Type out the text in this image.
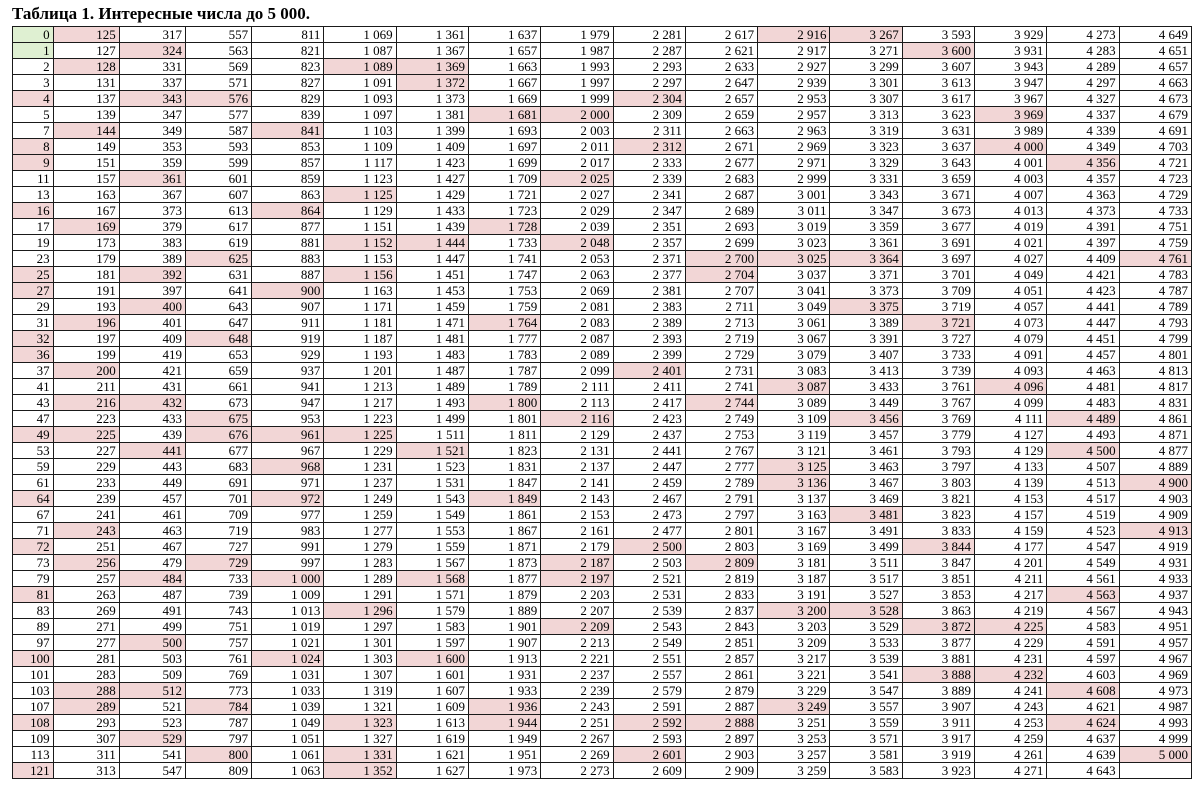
Таблица 1. Интересные числа до 5 000.
0	125	317	557	811	1 069	1 361	1 637	1 979	2 281	2 617	2 916	3 267	3 593	3 929	4 273	4 649
1	127	324	563	821	1 087	1 367	1 657	1 987	2 287	2 621	2 917	3 271	3 600	3 931	4 283	4 651
2	128	331	569	823	1 089	1 369	1 663	1 993	2 293	2 633	2 927	3 299	3 607	3 943	4 289	4 657
3	131	337	571	827	1 091	1 372	1 667	1 997	2 297	2 647	2 939	3 301	3 613	3 947	4 297	4 663
4	137	343	576	829	1 093	1 373	1 669	1 999	2 304	2 657	2 953	3 307	3 617	3 967	4 327	4 673
5	139	347	577	839	1 097	1 381	1 681	2 000	2 309	2 659	2 957	3 313	3 623	3 969	4 337	4 679
7	144	349	587	841	1 103	1 399	1 693	2 003	2 311	2 663	2 963	3 319	3 631	3 989	4 339	4 691
8	149	353	593	853	1 109	1 409	1 697	2 011	2 312	2 671	2 969	3 323	3 637	4 000	4 349	4 703
9	151	359	599	857	1 117	1 423	1 699	2 017	2 333	2 677	2 971	3 329	3 643	4 001	4 356	4 721
11	157	361	601	859	1 123	1 427	1 709	2 025	2 339	2 683	2 999	3 331	3 659	4 003	4 357	4 723
13	163	367	607	863	1 125	1 429	1 721	2 027	2 341	2 687	3 001	3 343	3 671	4 007	4 363	4 729
16	167	373	613	864	1 129	1 433	1 723	2 029	2 347	2 689	3 011	3 347	3 673	4 013	4 373	4 733
17	169	379	617	877	1 151	1 439	1 728	2 039	2 351	2 693	3 019	3 359	3 677	4 019	4 391	4 751
19	173	383	619	881	1 152	1 444	1 733	2 048	2 357	2 699	3 023	3 361	3 691	4 021	4 397	4 759
23	179	389	625	883	1 153	1 447	1 741	2 053	2 371	2 700	3 025	3 364	3 697	4 027	4 409	4 761
25	181	392	631	887	1 156	1 451	1 747	2 063	2 377	2 704	3 037	3 371	3 701	4 049	4 421	4 783
27	191	397	641	900	1 163	1 453	1 753	2 069	2 381	2 707	3 041	3 373	3 709	4 051	4 423	4 787
29	193	400	643	907	1 171	1 459	1 759	2 081	2 383	2 711	3 049	3 375	3 719	4 057	4 441	4 789
31	196	401	647	911	1 181	1 471	1 764	2 083	2 389	2 713	3 061	3 389	3 721	4 073	4 447	4 793
32	197	409	648	919	1 187	1 481	1 777	2 087	2 393	2 719	3 067	3 391	3 727	4 079	4 451	4 799
36	199	419	653	929	1 193	1 483	1 783	2 089	2 399	2 729	3 079	3 407	3 733	4 091	4 457	4 801
37	200	421	659	937	1 201	1 487	1 787	2 099	2 401	2 731	3 083	3 413	3 739	4 093	4 463	4 813
41	211	431	661	941	1 213	1 489	1 789	2 111	2 411	2 741	3 087	3 433	3 761	4 096	4 481	4 817
43	216	432	673	947	1 217	1 493	1 800	2 113	2 417	2 744	3 089	3 449	3 767	4 099	4 483	4 831
47	223	433	675	953	1 223	1 499	1 801	2 116	2 423	2 749	3 109	3 456	3 769	4 111	4 489	4 861
49	225	439	676	961	1 225	1 511	1 811	2 129	2 437	2 753	3 119	3 457	3 779	4 127	4 493	4 871
53	227	441	677	967	1 229	1 521	1 823	2 131	2 441	2 767	3 121	3 461	3 793	4 129	4 500	4 877
59	229	443	683	968	1 231	1 523	1 831	2 137	2 447	2 777	3 125	3 463	3 797	4 133	4 507	4 889
61	233	449	691	971	1 237	1 531	1 847	2 141	2 459	2 789	3 136	3 467	3 803	4 139	4 513	4 900
64	239	457	701	972	1 249	1 543	1 849	2 143	2 467	2 791	3 137	3 469	3 821	4 153	4 517	4 903
67	241	461	709	977	1 259	1 549	1 861	2 153	2 473	2 797	3 163	3 481	3 823	4 157	4 519	4 909
71	243	463	719	983	1 277	1 553	1 867	2 161	2 477	2 801	3 167	3 491	3 833	4 159	4 523	4 913
72	251	467	727	991	1 279	1 559	1 871	2 179	2 500	2 803	3 169	3 499	3 844	4 177	4 547	4 919
73	256	479	729	997	1 283	1 567	1 873	2 187	2 503	2 809	3 181	3 511	3 847	4 201	4 549	4 931
79	257	484	733	1 000	1 289	1 568	1 877	2 197	2 521	2 819	3 187	3 517	3 851	4 211	4 561	4 933
81	263	487	739	1 009	1 291	1 571	1 879	2 203	2 531	2 833	3 191	3 527	3 853	4 217	4 563	4 937
83	269	491	743	1 013	1 296	1 579	1 889	2 207	2 539	2 837	3 200	3 528	3 863	4 219	4 567	4 943
89	271	499	751	1 019	1 297	1 583	1 901	2 209	2 543	2 843	3 203	3 529	3 872	4 225	4 583	4 951
97	277	500	757	1 021	1 301	1 597	1 907	2 213	2 549	2 851	3 209	3 533	3 877	4 229	4 591	4 957
100	281	503	761	1 024	1 303	1 600	1 913	2 221	2 551	2 857	3 217	3 539	3 881	4 231	4 597	4 967
101	283	509	769	1 031	1 307	1 601	1 931	2 237	2 557	2 861	3 221	3 541	3 888	4 232	4 603	4 969
103	288	512	773	1 033	1 319	1 607	1 933	2 239	2 579	2 879	3 229	3 547	3 889	4 241	4 608	4 973
107	289	521	784	1 039	1 321	1 609	1 936	2 243	2 591	2 887	3 249	3 557	3 907	4 243	4 621	4 987
108	293	523	787	1 049	1 323	1 613	1 944	2 251	2 592	2 888	3 251	3 559	3 911	4 253	4 624	4 993
109	307	529	797	1 051	1 327	1 619	1 949	2 267	2 593	2 897	3 253	3 571	3 917	4 259	4 637	4 999
113	311	541	800	1 061	1 331	1 621	1 951	2 269	2 601	2 903	3 257	3 581	3 919	4 261	4 639	5 000
121	313	547	809	1 063	1 352	1 627	1 973	2 273	2 609	2 909	3 259	3 583	3 923	4 271	4 643	
